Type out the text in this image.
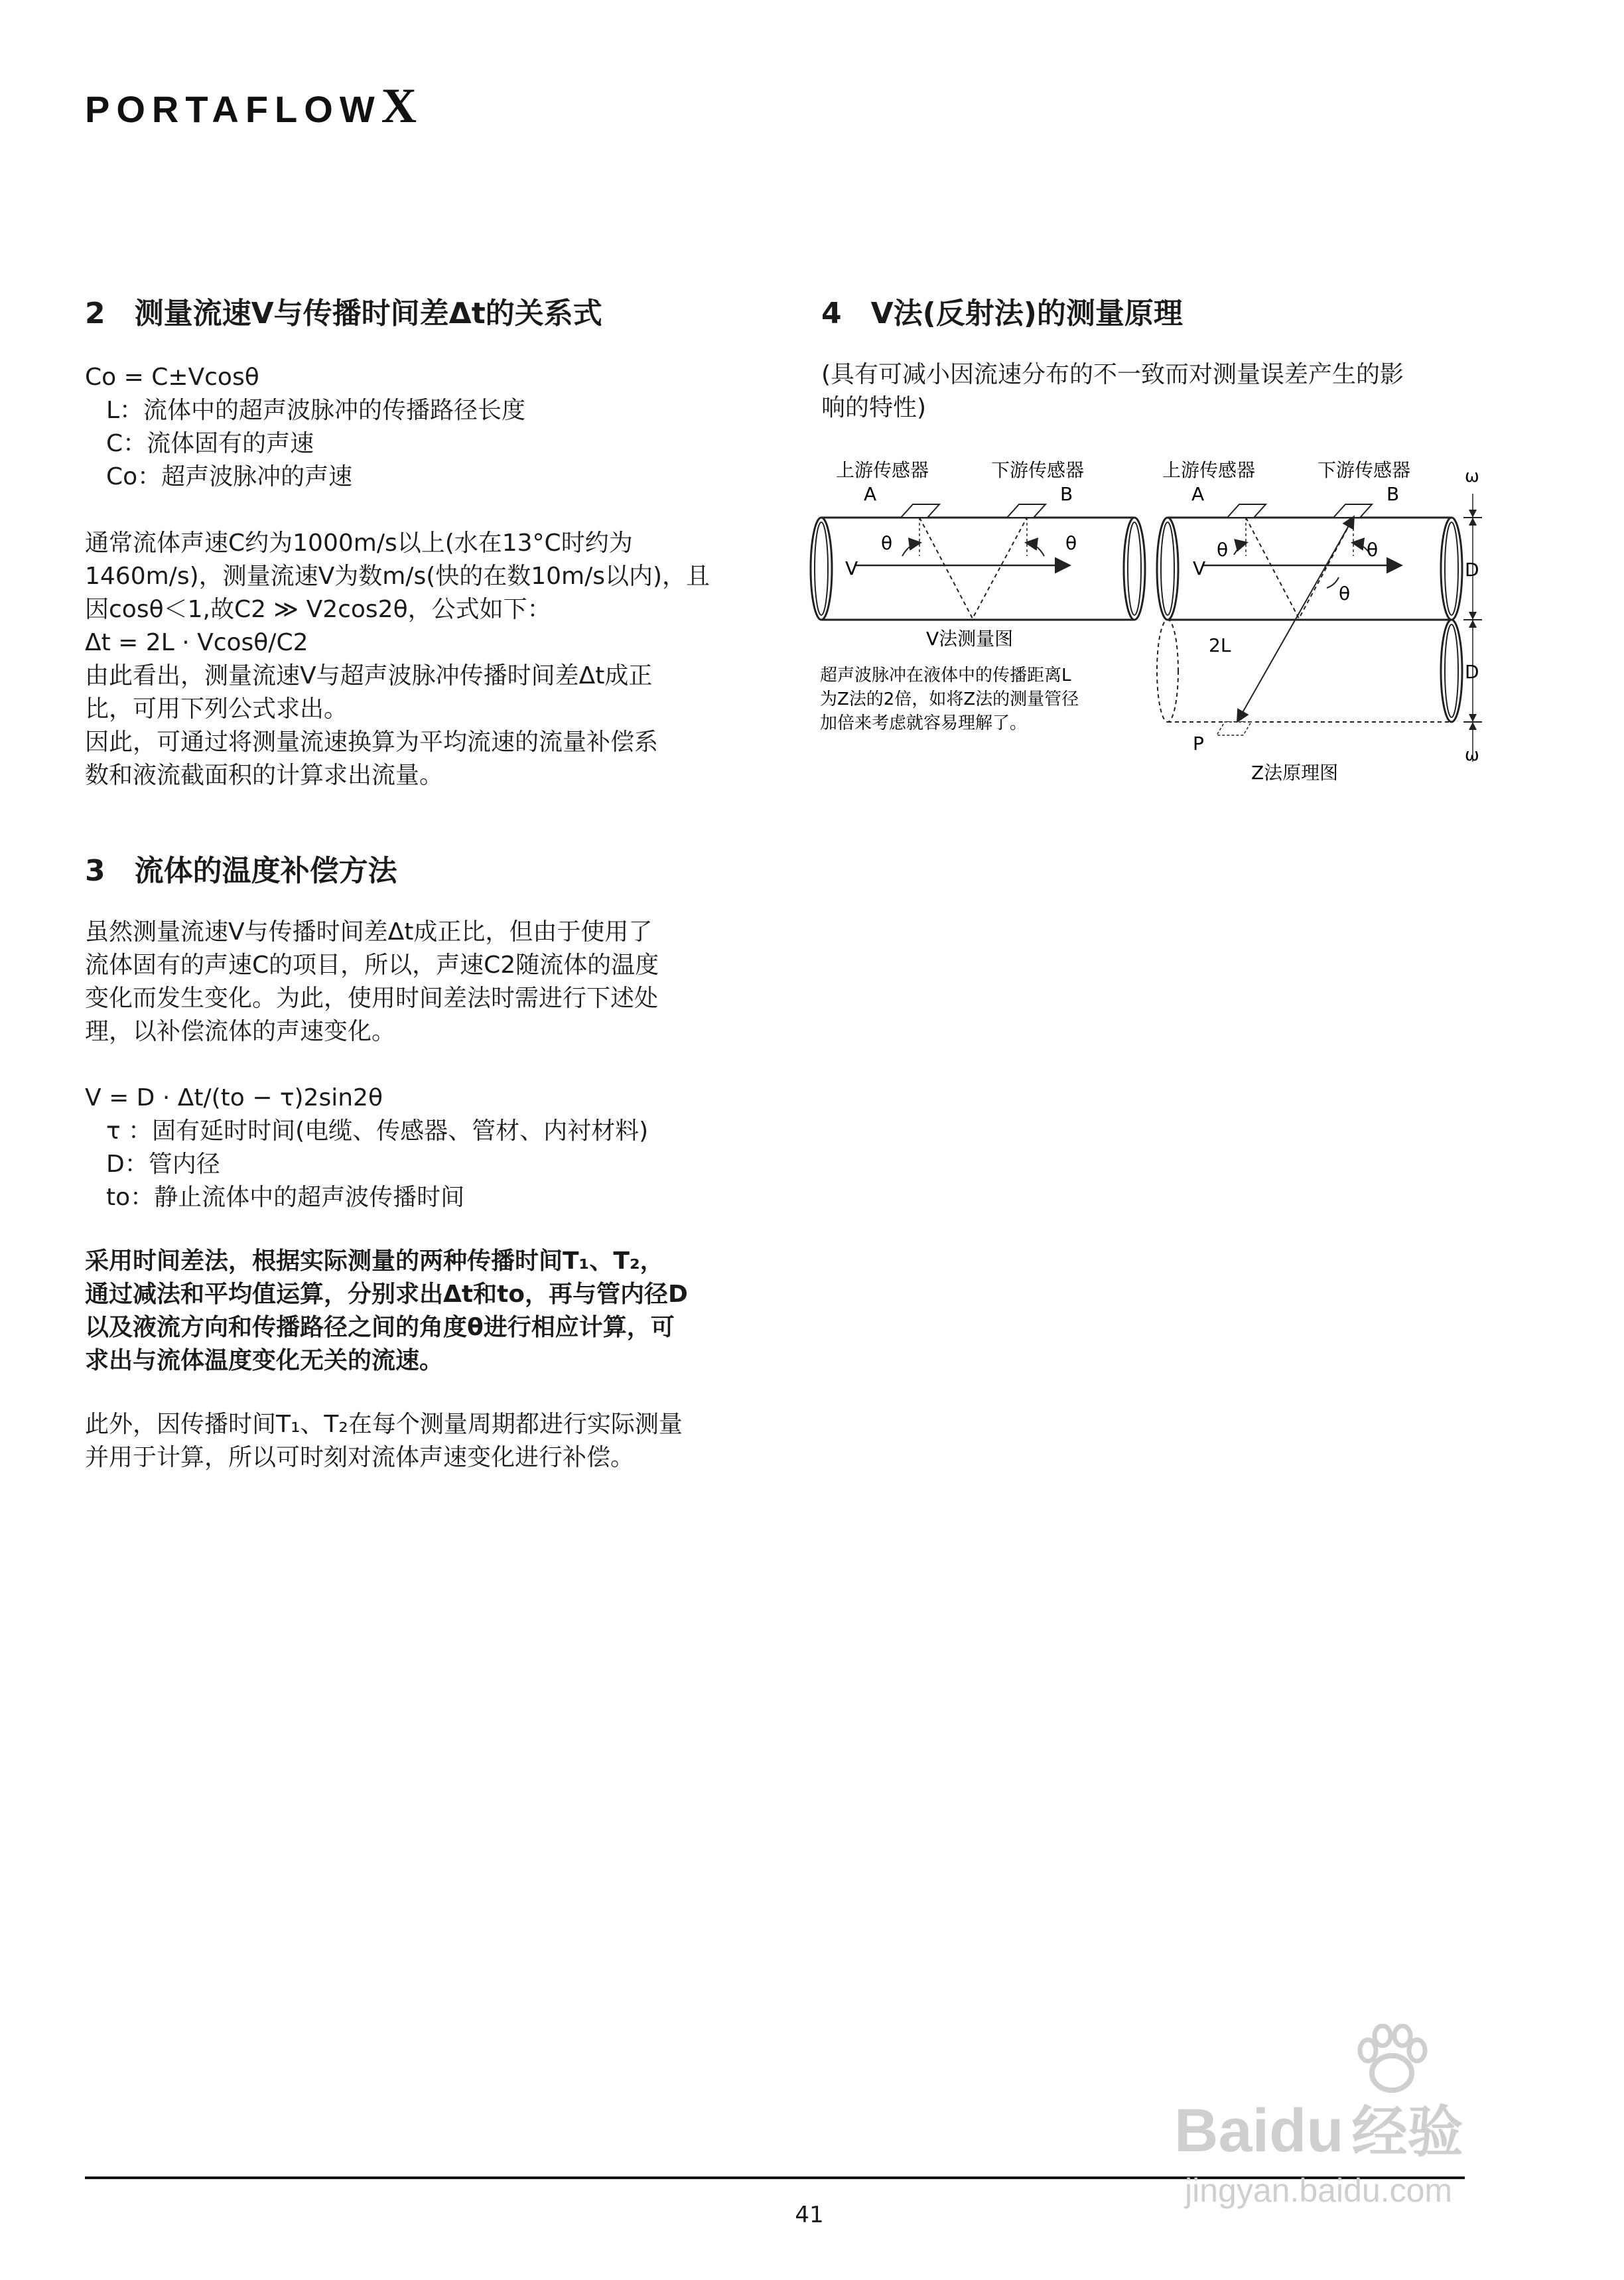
PORTAFLOWX
2　测量流速V与传播时间差Δt的关系式
Co = C±Vcosθ
L：流体中的超声波脉冲的传播路径长度
C：流体固有的声速
Co：超声波脉冲的声速
通常流体声速C约为1000m/s以上(水在13°C时约为
1460m/s)，测量流速V为数m/s(快的在数10m/s以内)，且
因cosθ＜1,故C2 ≫ V2cos2θ，公式如下：
Δt = 2L · Vcosθ/C2
由此看出，测量流速V与超声波脉冲传播时间差Δt成正
比，可用下列公式求出。
因此，可通过将测量流速换算为平均流速的流量补偿系
数和液流截面积的计算求出流量。
3　流体的温度补偿方法
虽然测量流速V与传播时间差Δt成正比，但由于使用了
流体固有的声速C的项目，所以，声速C2随流体的温度
变化而发生变化。为此，使用时间差法时需进行下述处
理，以补偿流体的声速变化。
V = D · Δt/(to − τ)2sin2θ
τ ：固有延时时间(电缆、传感器、管材、内衬材料)
D：管内径
to：静止流体中的超声波传播时间
采用时间差法，根据实际测量的两种传播时间T₁、T₂，
通过减法和平均值运算，分别求出Δt和to，再与管内径D
以及液流方向和传播路径之间的角度θ进行相应计算，可
求出与流体温度变化无关的流速。
此外，因传播时间T₁、T₂在每个测量周期都进行实际测量
并用于计算，所以可时刻对流体声速变化进行补偿。
4　V法(反射法)的测量原理
(具有可减小因流速分布的不一致而对测量误差产生的影
响的特性)
上游传感器	下游传感器
A	B
V
θ	θ
V法测量图
超声波脉冲在液体中的传播距离L
为Z法的2倍，如将Z法的测量管径
加倍来考虑就容易理解了。
上游传感器	下游传感器
A	B
V
θ	θ
θ
2L
P
Z法原理图
ω
D
D
ω
41
Baidu 经验
jingyan.baidu.com
